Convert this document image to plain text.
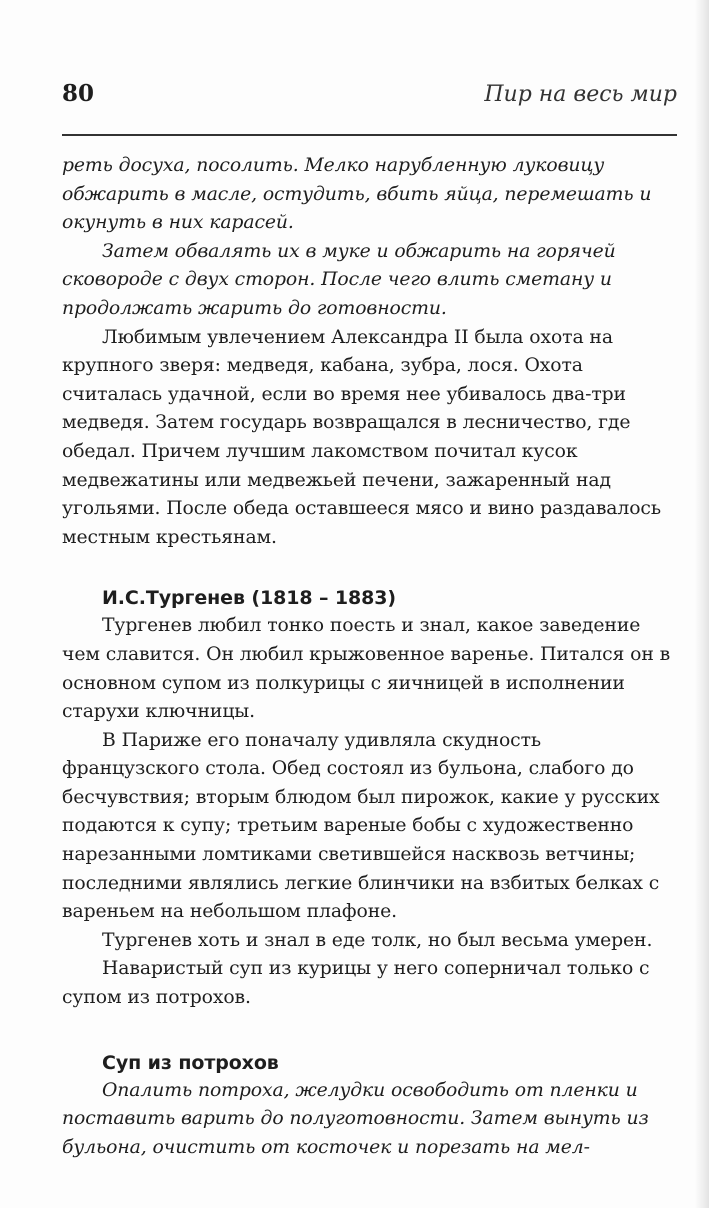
80	Пир на весь мир

реть досуха, посолить. Мелко нарубленную луковицу обжарить в масле, остудить, вбить яйца, перемешать и окунуть в них карасей.

Затем обвалять их в муке и обжарить на горячей сковороде с двух сторон. После чего влить сметану и продолжать жарить до готовности.

Любимым увлечением Александра II была охота на крупного зверя: медведя, кабана, зубра, лося. Охота считалась удачной, если во время нее убивалось два-три медведя. Затем государь возвращался в лесничество, где обедал. Причем лучшим лакомством почитал кусок медвежатины или медвежьей печени, зажаренный над угольями. После обеда оставшееся мясо и вино раздавалось местным крестьянам.

И.С.Тургенев (1818 – 1883)

Тургенев любил тонко поесть и знал, какое заведение чем славится. Он любил крыжовенное варенье. Питался он в основном супом из полкурицы с яичницей в исполнении старухи ключницы.

В Париже его поначалу удивляла скудность французского стола. Обед состоял из бульона, слабого до бесчувствия; вторым блюдом был пирожок, какие у русских подаются к супу; третьим вареные бобы с художественно нарезанными ломтиками светившейся насквозь ветчины; последними являлись легкие блинчики на взбитых белках с вареньем на небольшом плафоне.

Тургенев хоть и знал в еде толк, но был весьма умерен.

Наваристый суп из курицы у него соперничал только с супом из потрохов.

Суп из потрохов

Опалить потроха, желудки освободить от пленки и поставить варить до полуготовности. Затем вынуть из бульона, очистить от косточек и порезать на мел-
